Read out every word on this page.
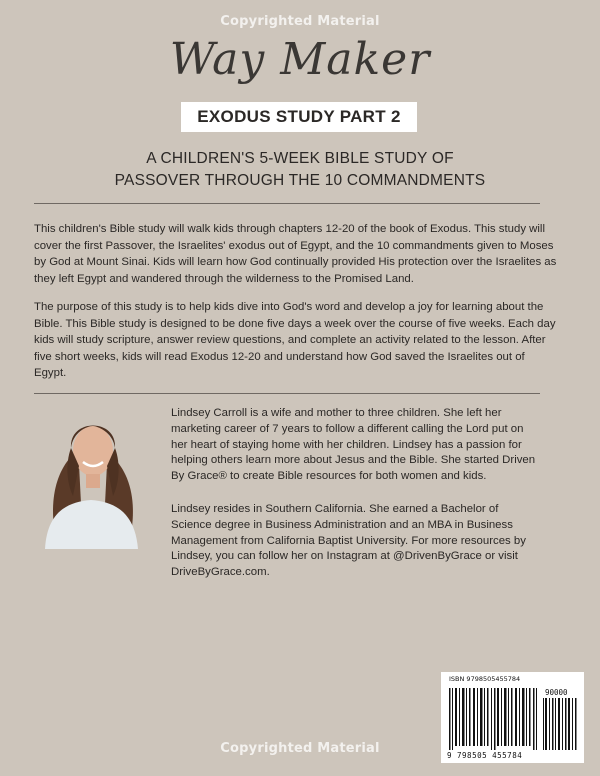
Copyrighted Material
Way Maker
EXODUS STUDY PART 2
A CHILDREN'S 5-WEEK BIBLE STUDY OF
PASSOVER THROUGH THE 10 COMMANDMENTS
This children's Bible study will walk kids through chapters 12-20 of the book of Exodus. This study will cover the first Passover, the Israelites' exodus out of Egypt, and the 10 commandments given to Moses by God at Mount Sinai. Kids will learn how God continually provided His protection over the Israelites as they left Egypt and wandered through the wilderness to the Promised Land.
The purpose of this study is to help kids dive into God's word and develop a joy for learning about the Bible. This Bible study is designed to be done five days a week over the course of five weeks. Each day kids will study scripture, answer review questions, and complete an activity related to the lesson. After five short weeks, kids will read Exodus 12-20 and understand how God saved the Israelites out of Egypt.
Lindsey Carroll is a wife and mother to three children. She left her marketing career of 7 years to follow a different calling the Lord put on her heart of staying home with her children. Lindsey has a passion for helping others learn more about Jesus and the Bible. She started Driven By Grace® to create Bible resources for both women and kids.
Lindsey resides in Southern California. She earned a Bachelor of Science degree in Business Administration and an MBA in Business Management from California Baptist University. For more resources by Lindsey, you can follow her on Instagram at @DrivenByGrace or visit DriveByGrace.com.
ISBN 9798505455784
90000
9 798505 455784
Copyrighted Material
